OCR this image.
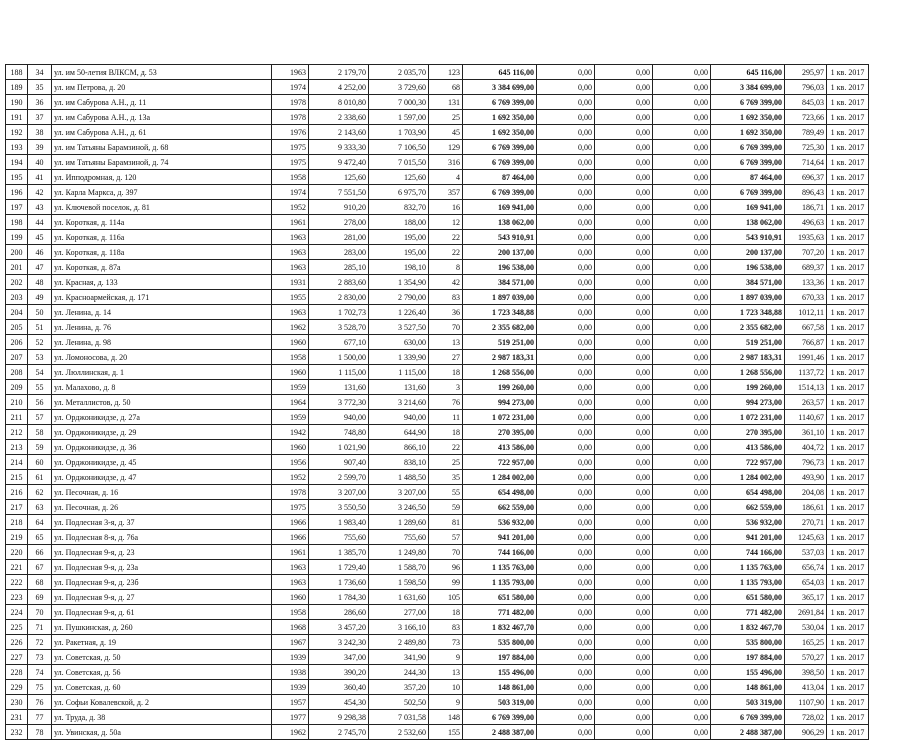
188	34	ул. им 50-летия ВЛКСМ, д. 53	1963	2 179,70	2 035,70	123	645 116,00	0,00	0,00	0,00	645 116,00	295,97	1 кв. 2017
189	35	ул. им Петрова, д. 20	1974	4 252,00	3 729,60	68	3 384 699,00	0,00	0,00	0,00	3 384 699,00	796,03	1 кв. 2017
190	36	ул. им Сабурова А.Н., д. 11	1978	8 010,80	7 000,30	131	6 769 399,00	0,00	0,00	0,00	6 769 399,00	845,03	1 кв. 2017
191	37	ул. им Сабурова А.Н., д. 13а	1978	2 338,60	1 597,00	25	1 692 350,00	0,00	0,00	0,00	1 692 350,00	723,66	1 кв. 2017
192	38	ул. им Сабурова А.Н., д. 61	1976	2 143,60	1 703,90	45	1 692 350,00	0,00	0,00	0,00	1 692 350,00	789,49	1 кв. 2017
193	39	ул. им Татьяны Барамзиной, д. 68	1975	9 333,30	7 106,50	129	6 769 399,00	0,00	0,00	0,00	6 769 399,00	725,30	1 кв. 2017
194	40	ул. им Татьяны Барамзиной, д. 74	1975	9 472,40	7 015,50	316	6 769 399,00	0,00	0,00	0,00	6 769 399,00	714,64	1 кв. 2017
195	41	ул. Ипподромная, д. 120	1958	125,60	125,60	4	87 464,00	0,00	0,00	0,00	87 464,00	696,37	1 кв. 2017
196	42	ул. Карла Маркса, д. 397	1974	7 551,50	6 975,70	357	6 769 399,00	0,00	0,00	0,00	6 769 399,00	896,43	1 кв. 2017
197	43	ул. Ключевой поселок, д. 81	1952	910,20	832,70	16	169 941,00	0,00	0,00	0,00	169 941,00	186,71	1 кв. 2017
198	44	ул. Короткая, д. 114а	1961	278,00	188,00	12	138 062,00	0,00	0,00	0,00	138 062,00	496,63	1 кв. 2017
199	45	ул. Короткая, д. 116а	1963	281,00	195,00	22	543 910,91	0,00	0,00	0,00	543 910,91	1935,63	1 кв. 2017
200	46	ул. Короткая, д. 118а	1963	283,00	195,00	22	200 137,00	0,00	0,00	0,00	200 137,00	707,20	1 кв. 2017
201	47	ул. Короткая, д. 87а	1963	285,10	198,10	8	196 538,00	0,00	0,00	0,00	196 538,00	689,37	1 кв. 2017
202	48	ул. Красная, д. 133	1931	2 883,60	1 354,90	42	384 571,00	0,00	0,00	0,00	384 571,00	133,36	1 кв. 2017
203	49	ул. Красноармейская, д. 171	1955	2 830,00	2 790,00	83	1 897 039,00	0,00	0,00	0,00	1 897 039,00	670,33	1 кв. 2017
204	50	ул. Ленина, д. 14	1963	1 702,73	1 226,40	36	1 723 348,88	0,00	0,00	0,00	1 723 348,88	1012,11	1 кв. 2017
205	51	ул. Ленина, д. 76	1962	3 528,70	3 527,50	70	2 355 682,00	0,00	0,00	0,00	2 355 682,00	667,58	1 кв. 2017
206	52	ул. Ленина, д. 98	1960	677,10	630,00	13	519 251,00	0,00	0,00	0,00	519 251,00	766,87	1 кв. 2017
207	53	ул. Ломоносова, д. 20	1958	1 500,00	1 339,90	27	2 987 183,31	0,00	0,00	0,00	2 987 183,31	1991,46	1 кв. 2017
208	54	ул. Люллинская, д. 1	1960	1 115,00	1 115,00	18	1 268 556,00	0,00	0,00	0,00	1 268 556,00	1137,72	1 кв. 2017
209	55	ул. Малахово, д. 8	1959	131,60	131,60	3	199 260,00	0,00	0,00	0,00	199 260,00	1514,13	1 кв. 2017
210	56	ул. Металлистов, д. 50	1964	3 772,30	3 214,60	76	994 273,00	0,00	0,00	0,00	994 273,00	263,57	1 кв. 2017
211	57	ул. Орджоникидзе, д. 27а	1959	940,00	940,00	11	1 072 231,00	0,00	0,00	0,00	1 072 231,00	1140,67	1 кв. 2017
212	58	ул. Орджоникидзе, д. 29	1942	748,80	644,90	18	270 395,00	0,00	0,00	0,00	270 395,00	361,10	1 кв. 2017
213	59	ул. Орджоникидзе, д. 36	1960	1 021,90	866,10	22	413 586,00	0,00	0,00	0,00	413 586,00	404,72	1 кв. 2017
214	60	ул. Орджоникидзе, д. 45	1956	907,40	838,10	25	722 957,00	0,00	0,00	0,00	722 957,00	796,73	1 кв. 2017
215	61	ул. Орджоникидзе, д. 47	1952	2 599,70	1 488,50	35	1 284 002,00	0,00	0,00	0,00	1 284 002,00	493,90	1 кв. 2017
216	62	ул. Песочная, д. 16	1978	3 207,00	3 207,00	55	654 498,00	0,00	0,00	0,00	654 498,00	204,08	1 кв. 2017
217	63	ул. Песочная, д. 26	1975	3 550,50	3 246,50	59	662 559,00	0,00	0,00	0,00	662 559,00	186,61	1 кв. 2017
218	64	ул. Подлесная 3-я, д. 37	1966	1 983,40	1 289,60	81	536 932,00	0,00	0,00	0,00	536 932,00	270,71	1 кв. 2017
219	65	ул. Подлесная 8-я, д. 76а	1966	755,60	755,60	57	941 201,00	0,00	0,00	0,00	941 201,00	1245,63	1 кв. 2017
220	66	ул. Подлесная 9-я, д. 23	1961	1 385,70	1 249,80	70	744 166,00	0,00	0,00	0,00	744 166,00	537,03	1 кв. 2017
221	67	ул. Подлесная 9-я, д. 23а	1963	1 729,40	1 588,70	96	1 135 763,00	0,00	0,00	0,00	1 135 763,00	656,74	1 кв. 2017
222	68	ул. Подлесная 9-я, д. 23б	1963	1 736,60	1 598,50	99	1 135 793,00	0,00	0,00	0,00	1 135 793,00	654,03	1 кв. 2017
223	69	ул. Подлесная 9-я, д. 27	1960	1 784,30	1 631,60	105	651 580,00	0,00	0,00	0,00	651 580,00	365,17	1 кв. 2017
224	70	ул. Подлесная 9-я, д. 61	1958	286,60	277,00	18	771 482,00	0,00	0,00	0,00	771 482,00	2691,84	1 кв. 2017
225	71	ул. Пушкинская, д. 260	1968	3 457,20	3 166,10	83	1 832 467,70	0,00	0,00	0,00	1 832 467,70	530,04	1 кв. 2017
226	72	ул. Ракетная, д. 19	1967	3 242,30	2 489,80	73	535 800,00	0,00	0,00	0,00	535 800,00	165,25	1 кв. 2017
227	73	ул. Советская, д. 50	1939	347,00	341,90	9	197 884,00	0,00	0,00	0,00	197 884,00	570,27	1 кв. 2017
228	74	ул. Советская, д. 56	1938	390,20	244,30	13	155 496,00	0,00	0,00	0,00	155 496,00	398,50	1 кв. 2017
229	75	ул. Советская, д. 60	1939	360,40	357,20	10	148 861,00	0,00	0,00	0,00	148 861,00	413,04	1 кв. 2017
230	76	ул. Софьи Ковалевской, д. 2	1957	454,30	502,50	9	503 319,00	0,00	0,00	0,00	503 319,00	1107,90	1 кв. 2017
231	77	ул. Труда, д. 38	1977	9 298,38	7 031,58	148	6 769 399,00	0,00	0,00	0,00	6 769 399,00	728,02	1 кв. 2017
232	78	ул. Увинская, д. 50а	1962	2 745,70	2 532,60	155	2 488 387,00	0,00	0,00	0,00	2 488 387,00	906,29	1 кв. 2017
